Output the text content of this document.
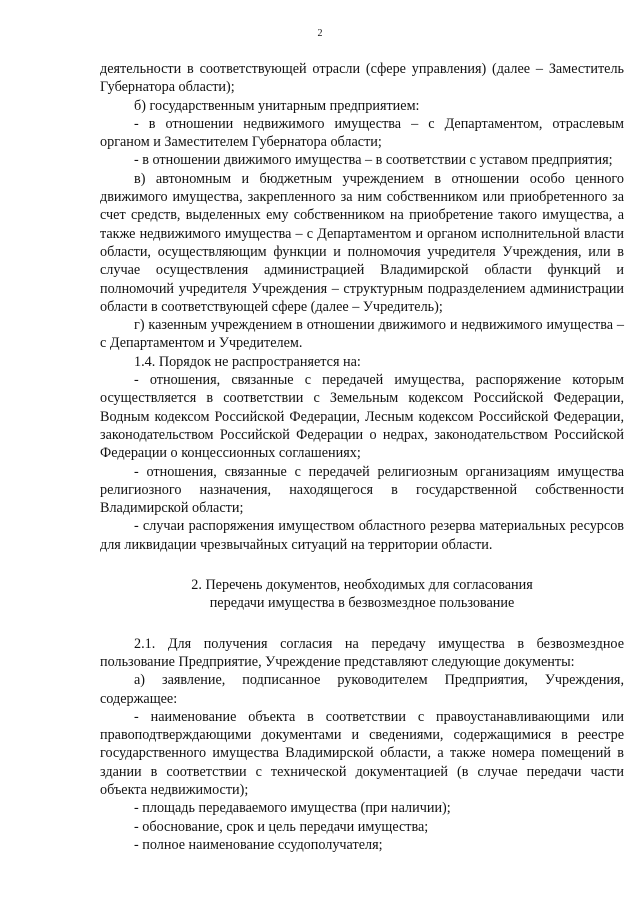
2

деятельности в соответствующей отрасли (сфере управления) (далее – Заместитель Губернатора области);

б) государственным унитарным предприятием:

- в отношении недвижимого имущества – с Департаментом, отраслевым органом и Заместителем Губернатора области;

- в отношении движимого имущества – в соответствии с уставом предприятия;

в) автономным и бюджетным учреждением в отношении особо ценного движимого имущества, закрепленного за ним собственником или приобретенного за счет средств, выделенных ему собственником на приобретение такого имущества, а также недвижимого имущества – с Департаментом и органом исполнительной власти области, осуществляющим функции и полномочия учредителя Учреждения, или в случае осуществления администрацией Владимирской области функций и полномочий учредителя Учреждения – структурным подразделением администрации области в соответствующей сфере (далее – Учредитель);

г) казенным учреждением в отношении движимого и недвижимого имущества – с Департаментом и Учредителем.

1.4. Порядок не распространяется на:

- отношения, связанные с передачей имущества, распоряжение которым осуществляется в соответствии с Земельным кодексом Российской Федерации, Водным кодексом Российской Федерации, Лесным кодексом Российской Федерации, законодательством Российской Федерации о недрах, законодательством Российской Федерации о концессионных соглашениях;

- отношения, связанные с передачей религиозным организациям имущества религиозного назначения, находящегося в государственной собственности Владимирской области;

- случаи распоряжения имуществом областного резерва материальных ресурсов для ликвидации чрезвычайных ситуаций на территории области.

2. Перечень документов, необходимых для согласования
передачи имущества в безвозмездное пользование

2.1. Для получения согласия на передачу имущества в безвозмездное пользование Предприятие, Учреждение представляют следующие документы:

а) заявление, подписанное руководителем Предприятия, Учреждения, содержащее:

- наименование объекта в соответствии с правоустанавливающими или правоподтверждающими документами и сведениями, содержащимися в реестре государственного имущества Владимирской области, а также номера помещений в здании в соответствии с технической документацией (в случае передачи части объекта недвижимости);

- площадь передаваемого имущества (при наличии);

- обоснование, срок и цель передачи имущества;

- полное наименование ссудополучателя;
